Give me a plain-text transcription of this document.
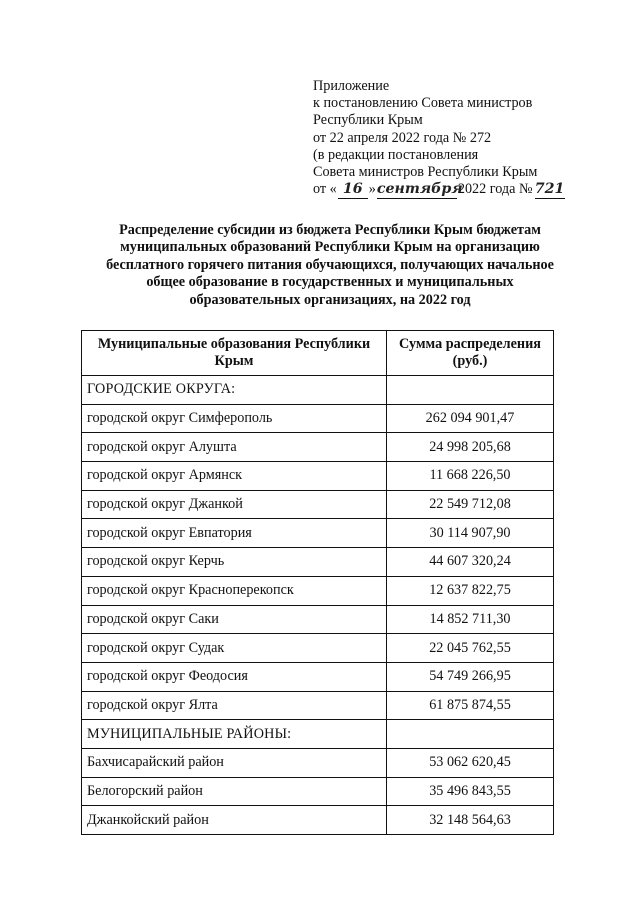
Приложение
к постановлению Совета министров
Республики Крым
от 22 апреля 2022 года № 272
(в редакции постановления
Совета министров Республики Крым
от « 16 »сентября2022 года № 721
Распределение субсидии из бюджета Республики Крым бюджетам муниципальных образований Республики Крым на организацию бесплатного горячего питания обучающихся, получающих начальное общее образование в государственных и муниципальных образовательных организациях, на 2022 год
Муниципальные образования Республики Крым	Сумма распределения (руб.)
ГОРОДСКИЕ ОКРУГА:	
городской округ Симферополь	262 094 901,47
городской округ Алушта	24 998 205,68
городской округ Армянск	11 668 226,50
городской округ Джанкой	22 549 712,08
городской округ Евпатория	30 114 907,90
городской округ Керчь	44 607 320,24
городской округ Красноперекопск	12 637 822,75
городской округ Саки	14 852 711,30
городской округ Судак	22 045 762,55
городской округ Феодосия	54 749 266,95
городской округ Ялта	61 875 874,55
МУНИЦИПАЛЬНЫЕ РАЙОНЫ:	
Бахчисарайский район	53 062 620,45
Белогорский район	35 496 843,55
Джанкойский район	32 148 564,63
